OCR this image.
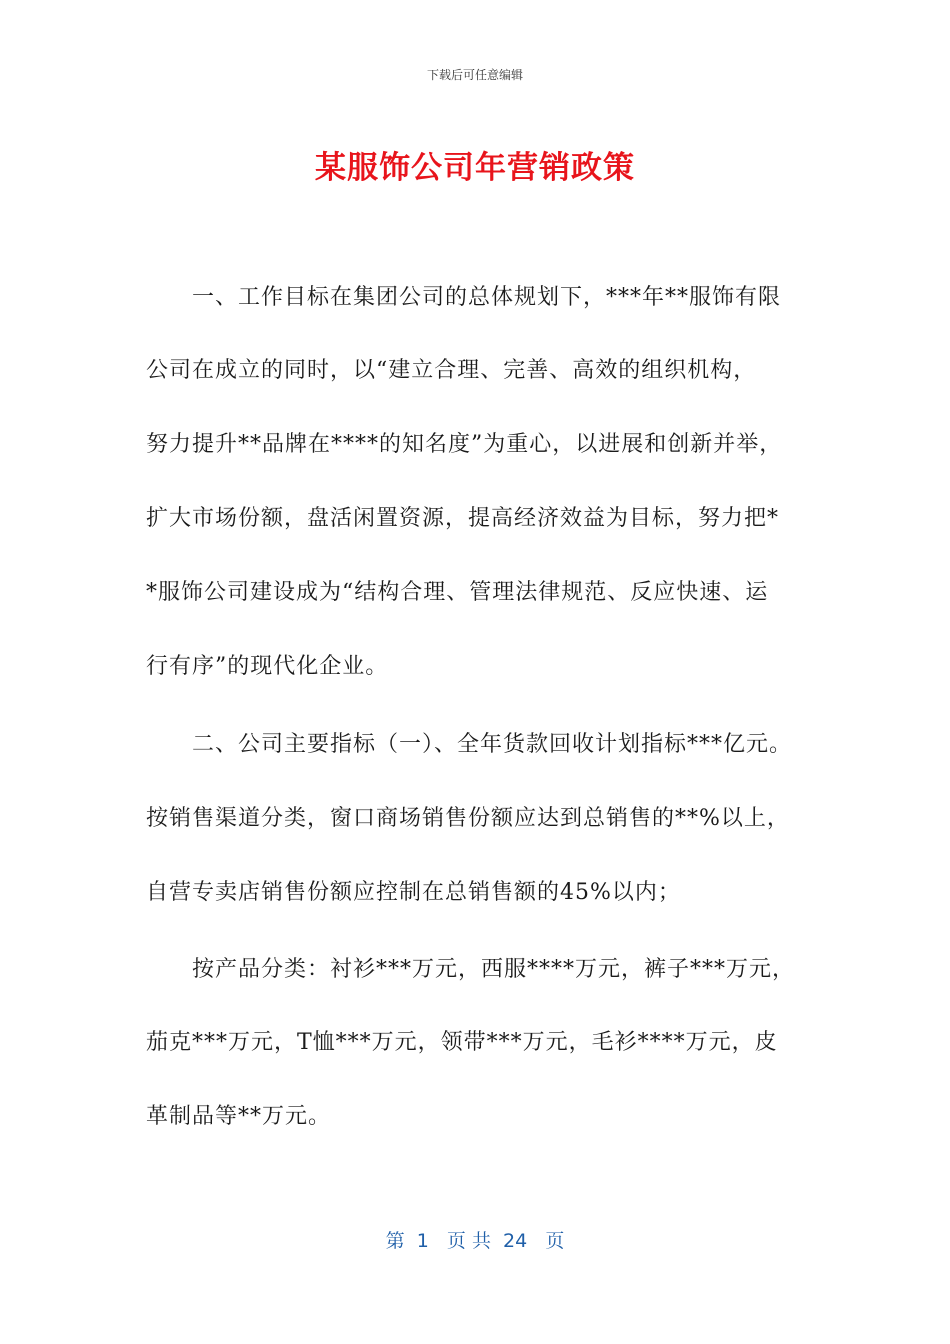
下载后可任意编辑
某服饰公司年营销政策
一、工作目标在集团公司的总体规划下，***年**服饰有限
公司在成立的同时，以“建立合理、完善、高效的组织机构，
努力提升**品牌在****的知名度”为重心，以进展和创新并举，
扩大市场份额，盘活闲置资源，提高经济效益为目标，努力把*
*服饰公司建设成为“结构合理、管理法律规范、反应快速、运
行有序”的现代化企业。
二、公司主要指标（一）、全年货款回收计划指标***亿元。
按销售渠道分类，窗口商场销售份额应达到总销售的**%以上，
自营专卖店销售份额应控制在总销售额的45%以内；
按产品分类：衬衫***万元，西服****万元，裤子***万元，
茄克***万元，T恤***万元，领带***万元，毛衫****万元，皮
革制品等**万元。
第  1   页 共  24   页
